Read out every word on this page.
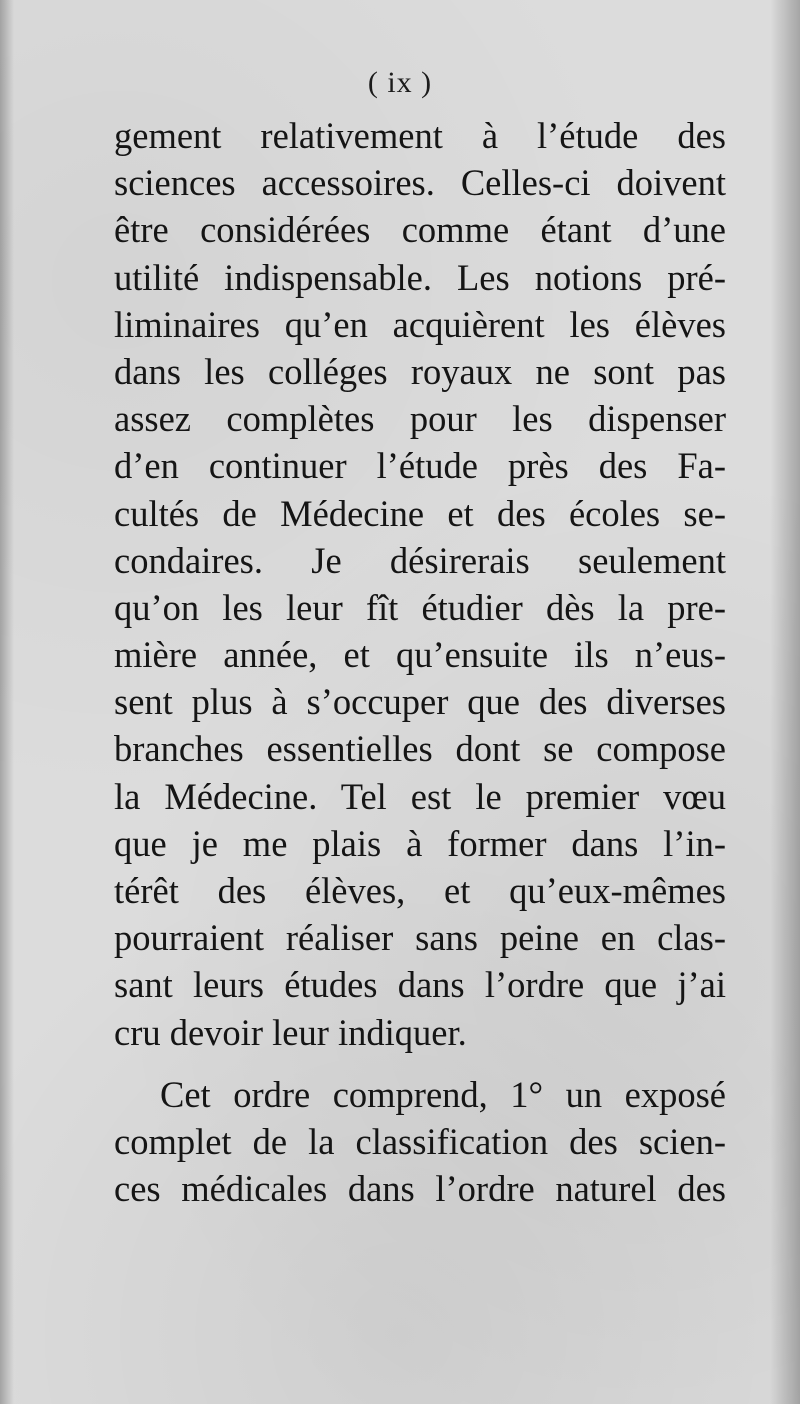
( ix )
gement relativement à l’étude des
sciences accessoires. Celles-ci doivent
être considérées comme étant d’une
utilité indispensable. Les notions pré-
liminaires qu’en acquièrent les élèves
dans les colléges royaux ne sont pas
assez complètes pour les dispenser
d’en continuer l’étude près des Fa-
cultés de Médecine et des écoles se-
condaires. Je désirerais seulement
qu’on les leur fît étudier dès la pre-
mière année, et qu’ensuite ils n’eus-
sent plus à s’occuper que des diverses
branches essentielles dont se compose
la Médecine. Tel est le premier vœu
que je me plais à former dans l’in-
térêt des élèves, et qu’eux-mêmes
pourraient réaliser sans peine en clas-
sant leurs études dans l’ordre que j’ai
cru devoir leur indiquer.
Cet ordre comprend, 1° un exposé
complet de la classification des scien-
ces médicales dans l’ordre naturel des
